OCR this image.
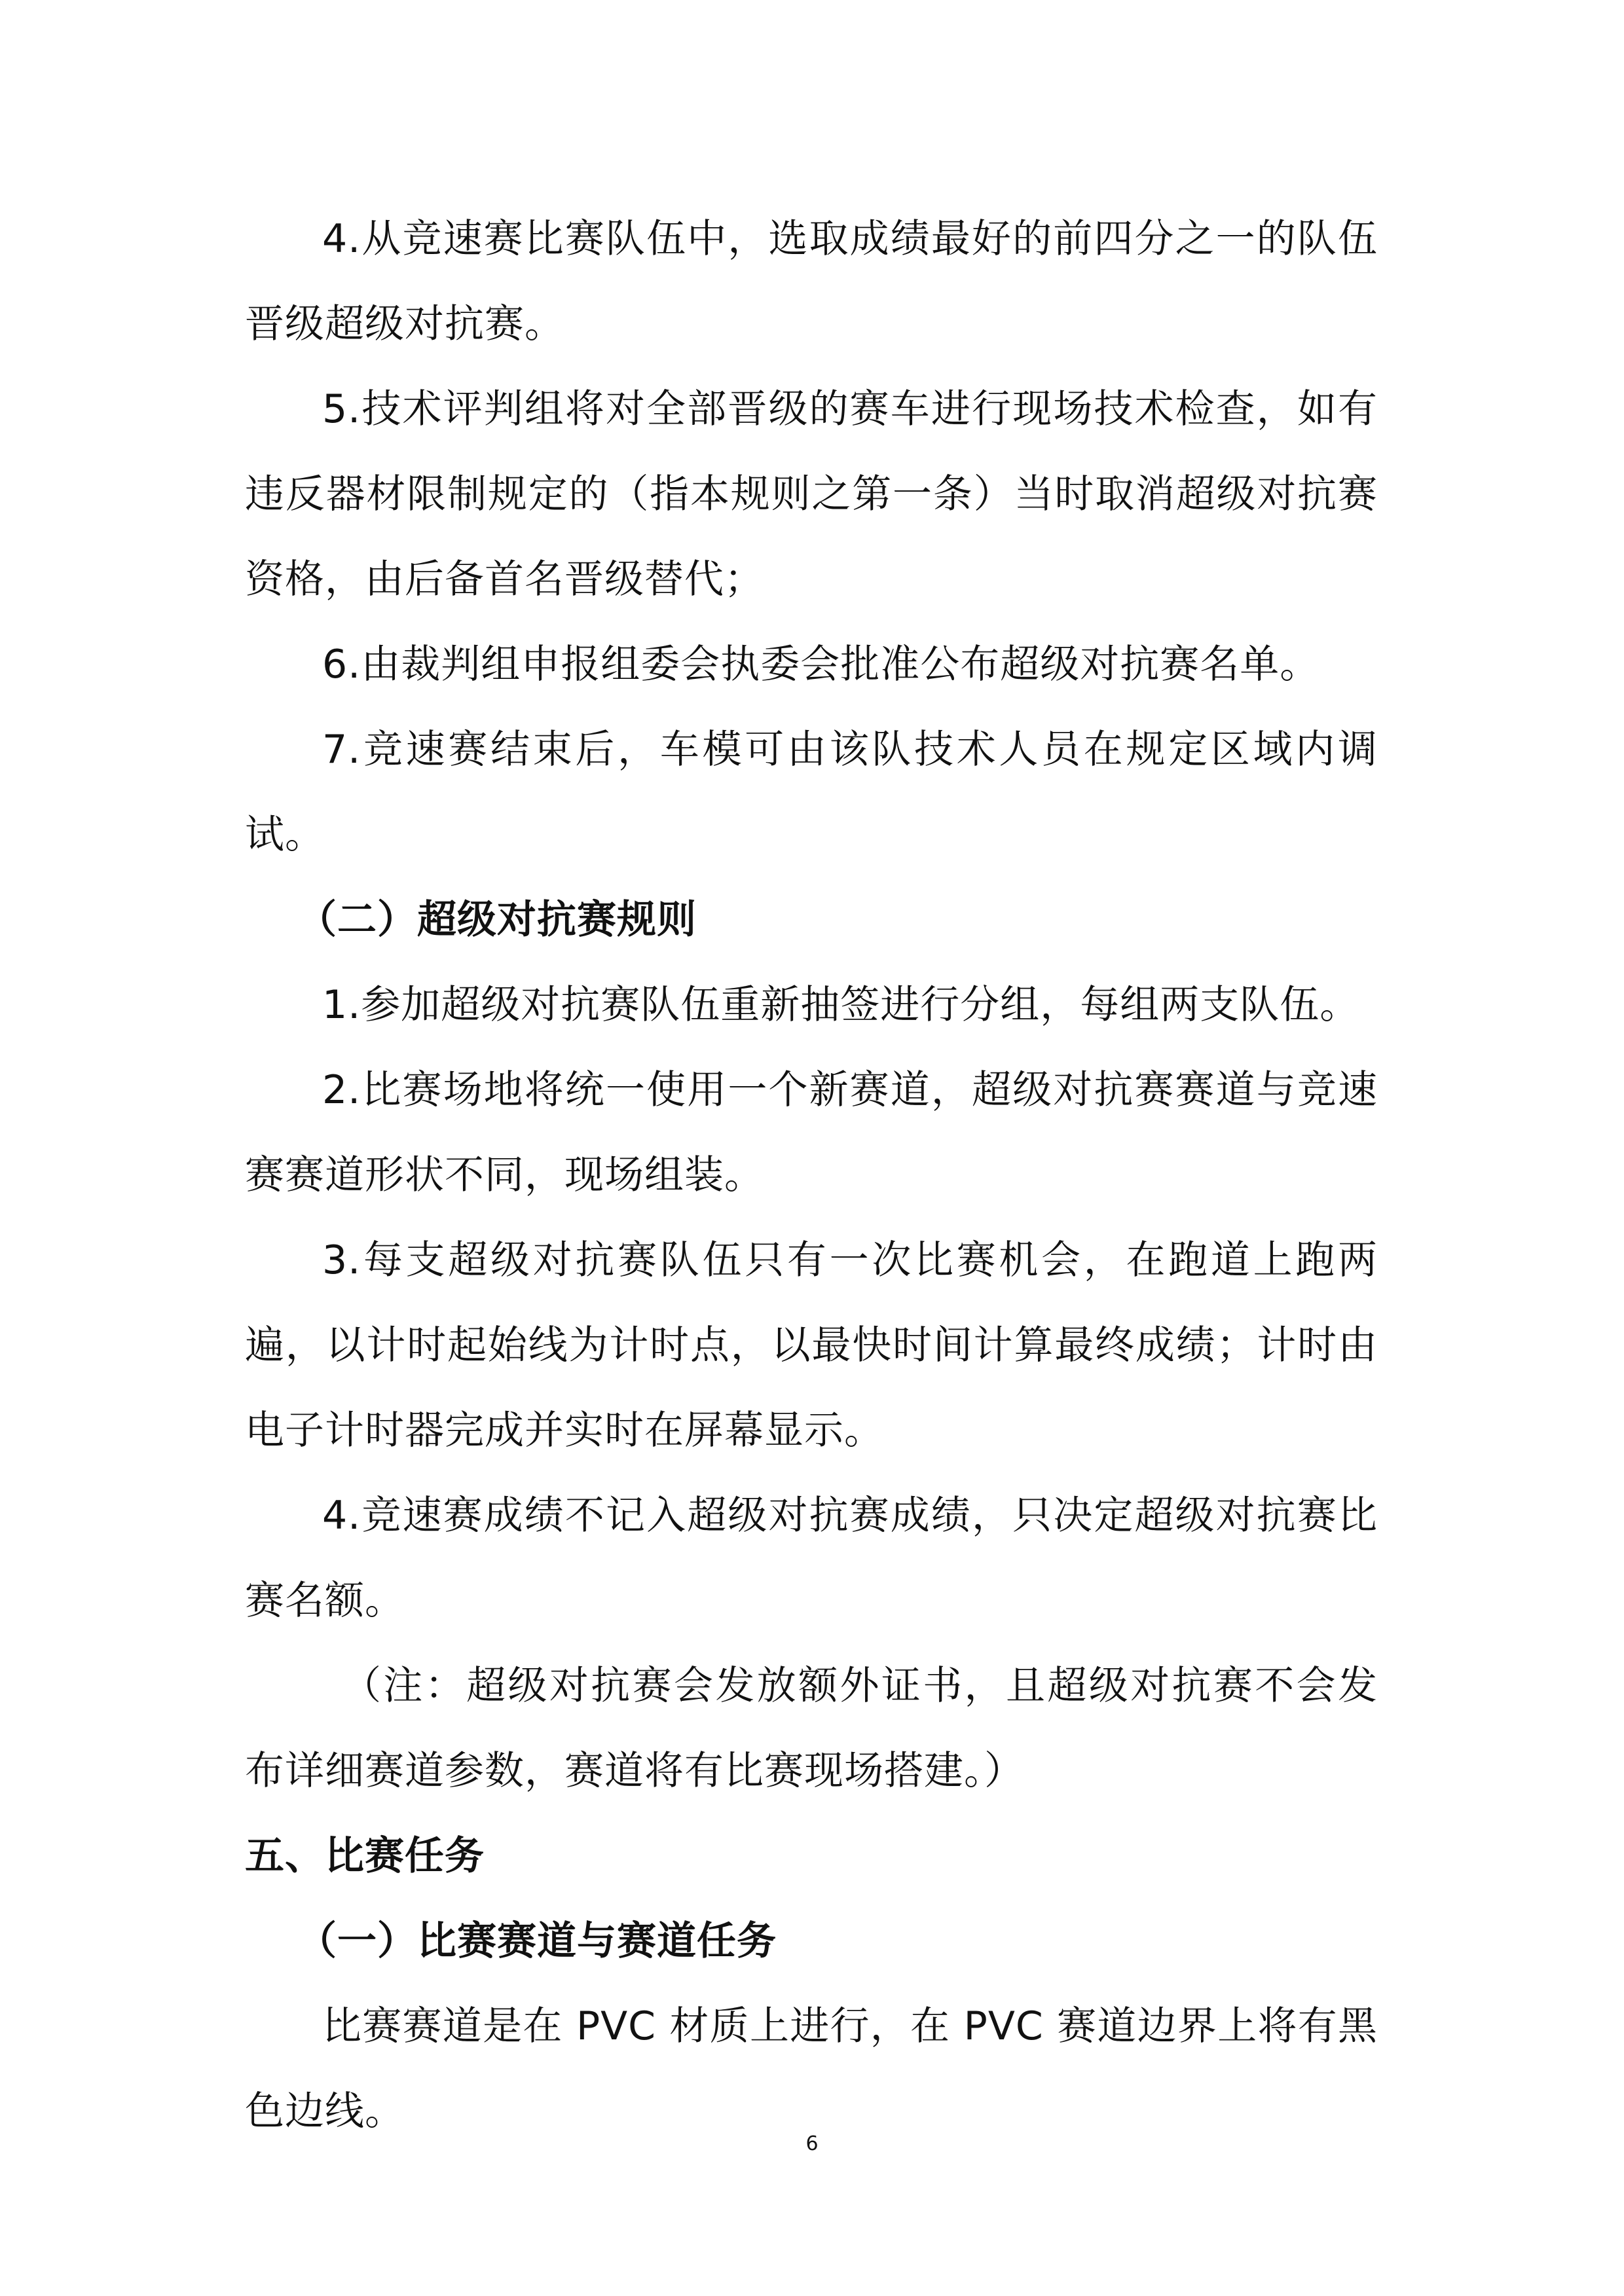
4.从竞速赛比赛队伍中，选取成绩最好的前四分之一的队伍晋级超级对抗赛。

5.技术评判组将对全部晋级的赛车进行现场技术检查，如有违反器材限制规定的（指本规则之第一条）当时取消超级对抗赛资格，由后备首名晋级替代；

6.由裁判组申报组委会执委会批准公布超级对抗赛名单。

7.竞速赛结束后，车模可由该队技术人员在规定区域内调试。

（二）超级对抗赛规则

1.参加超级对抗赛队伍重新抽签进行分组，每组两支队伍。

2.比赛场地将统一使用一个新赛道，超级对抗赛赛道与竞速赛赛道形状不同，现场组装。

3.每支超级对抗赛队伍只有一次比赛机会，在跑道上跑两遍，以计时起始线为计时点，以最快时间计算最终成绩；计时由电子计时器完成并实时在屏幕显示。

4.竞速赛成绩不记入超级对抗赛成绩，只决定超级对抗赛比赛名额。

（注：超级对抗赛会发放额外证书，且超级对抗赛不会发布详细赛道参数，赛道将有比赛现场搭建。）

五、比赛任务

（一）比赛赛道与赛道任务

比赛赛道是在 PVC 材质上进行，在 PVC 赛道边界上将有黑色边线。

6
